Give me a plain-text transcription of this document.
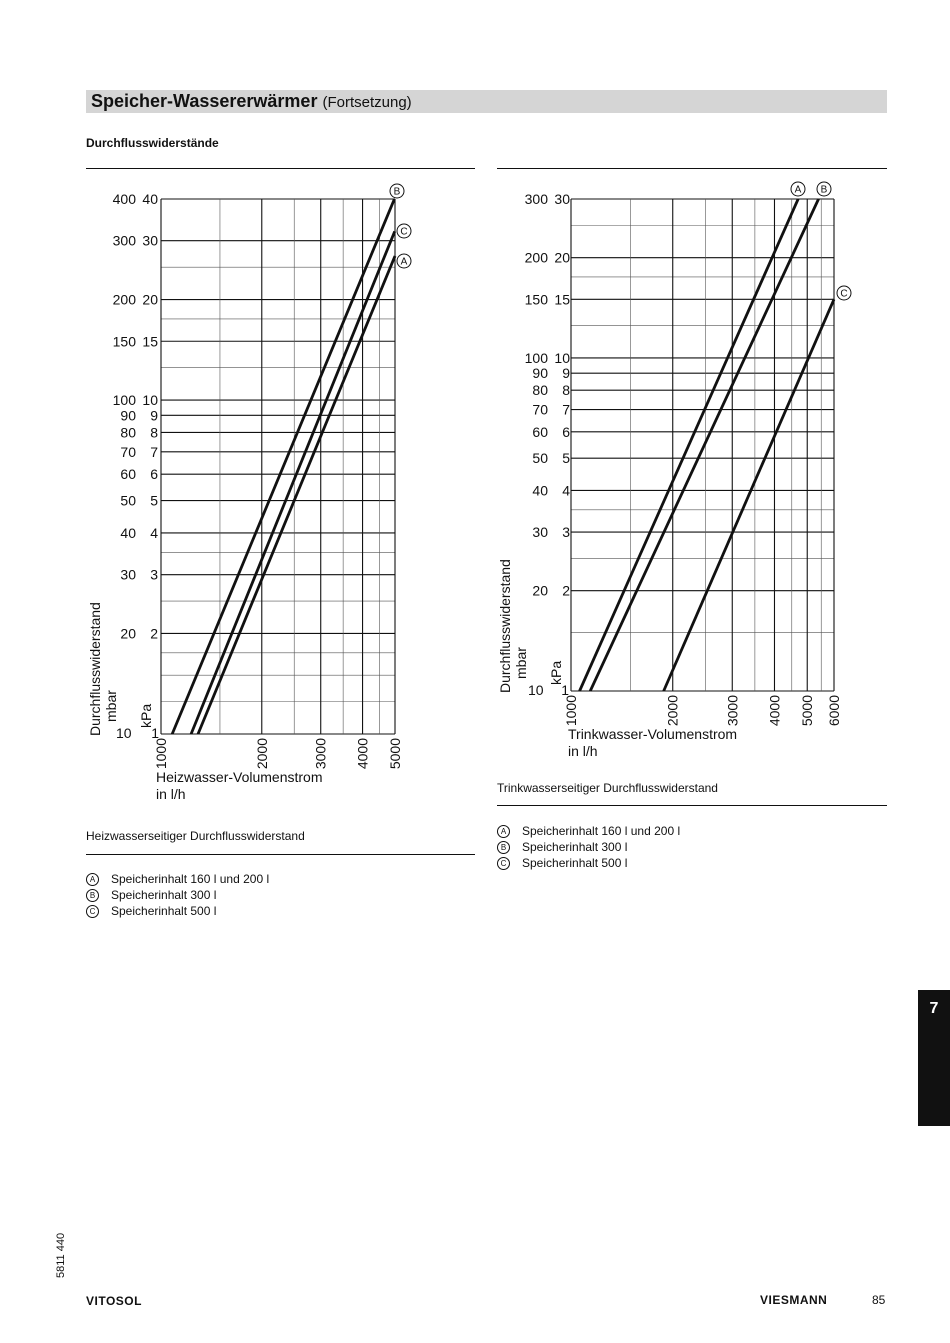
Speicher-Wassererwärmer (Fortsetzung)
Durchflusswiderstände
400 40
300 30
200 20
150 15
100 10
90 9
80 8
70 7
60 6
50 5
40 4
30 3
20 2
1000	2000	3000 4000 5000
10 1
Durchflusswiderstand mbar kPa
Heizwasser-Volumenstrom
in l/h
B
C
A
300 30
200 20
150 15
100 10
90 9
80 8
70 7
60 6
50 5
40 4
30 3
20 2
1000	2000	3000 4000 5000 6000
10 1
Durchflusswiderstand mbar kPa
Trinkwasser-Volumenstrom
in l/h
A B
C
Heizwasserseitiger Durchflusswiderstand
Trinkwasserseitiger Durchflusswiderstand
A	Speicherinhalt 160 l und 200 l
B	Speicherinhalt 300 l
C	Speicherinhalt 500 l
A	Speicherinhalt 160 l und 200 l
B	Speicherinhalt 300 l
C	Speicherinhalt 500 l
7
5811 440
VITOSOL	VIESMANN	85
